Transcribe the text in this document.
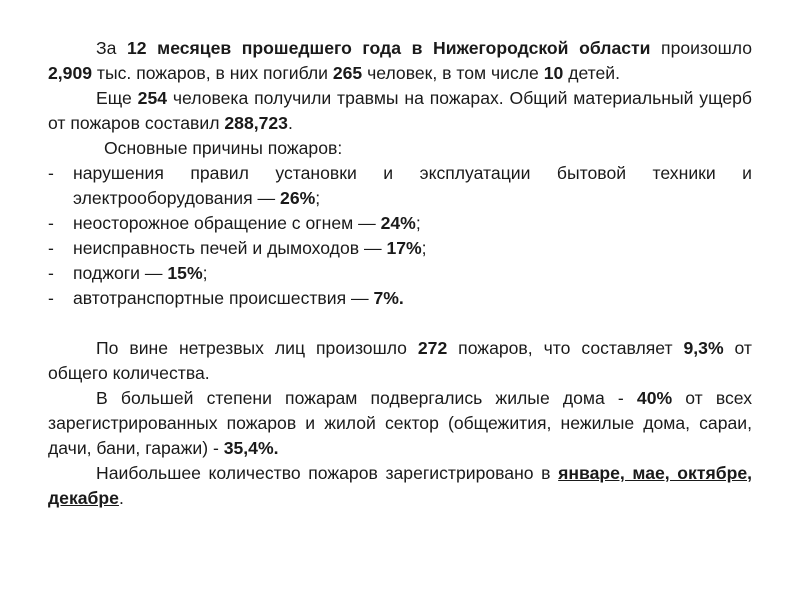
За 12 месяцев прошедшего года в Нижегородской области произошло 2,909 тыс. пожаров, в них погибли 265 человек, в том числе 10 детей.

Еще 254 человека получили травмы на пожарах. Общий материальный ущерб от пожаров составил 288,723.

Основные причины пожаров:

- нарушения правил установки и эксплуатации бытовой техники и электрооборудования — 26%;
- неосторожное обращение с огнем — 24%;
- неисправность печей и дымоходов — 17%;
- поджоги — 15%;
- автотранспортные происшествия — 7%.

По вине нетрезвых лиц произошло 272 пожаров, что составляет 9,3% от общего количества.

В большей степени пожарам подвергались жилые дома - 40% от всех зарегистрированных пожаров и жилой сектор (общежития, нежилые дома, сараи, дачи, бани, гаражи) - 35,4%.

Наибольшее количество пожаров зарегистрировано в январе, мае, октябре, декабре.
